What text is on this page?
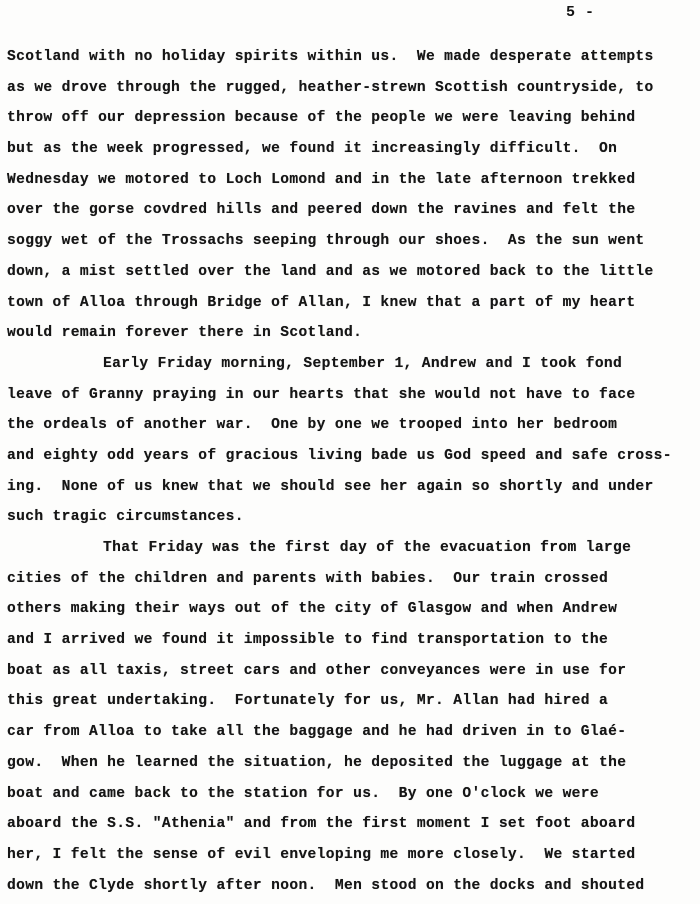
5 -
Scotland with no holiday spirits within us.  We made desperate attempts
as we drove through the rugged, heather-strewn Scottish countryside, to
throw off our depression because of the people we were leaving behind
but as the week progressed, we found it increasingly difficult.  On
Wednesday we motored to Loch Lomond and in the late afternoon trekked
over the gorse covdred hills and peered down the ravines and felt the
soggy wet of the Trossachs seeping through our shoes.  As the sun went
down, a mist settled over the land and as we motored back to the little
town of Alloa through Bridge of Allan, I knew that a part of my heart
would remain forever there in Scotland.
Early Friday morning, September 1, Andrew and I took fond
leave of Granny praying in our hearts that she would not have to face
the ordeals of another war.  One by one we trooped into her bedroom
and eighty odd years of gracious living bade us God speed and safe cross-
ing.  None of us knew that we should see her again so shortly and under
such tragic circumstances.
That Friday was the first day of the evacuation from large
cities of the children and parents with babies.  Our train crossed
others making their ways out of the city of Glasgow and when Andrew
and I arrived we found it impossible to find transportation to the
boat as all taxis, street cars and other conveyances were in use for
this great undertaking.  Fortunately for us, Mr. Allan had hired a
car from Alloa to take all the baggage and he had driven in to Glaé-
gow.  When he learned the situation, he deposited the luggage at the
boat and came back to the station for us.  By one O'clock we were
aboard the S.S. "Athenia" and from the first moment I set foot aboard
her, I felt the sense of evil enveloping me more closely.  We started
down the Clyde shortly after noon.  Men stood on the docks and shouted
